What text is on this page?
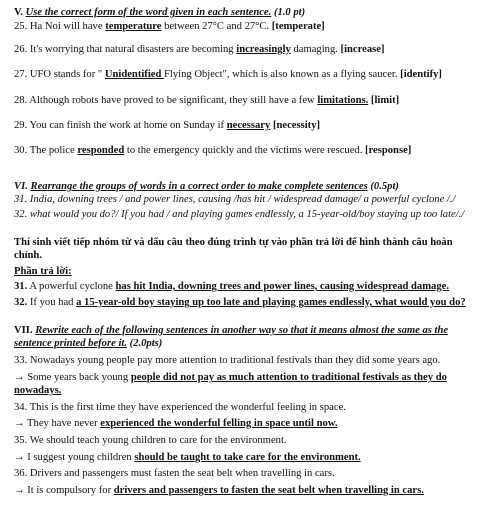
V. Use the correct form of the word given in each sentence. (1.0 pt)
25. Ha Noi will have temperature between 27°C and 27°C. [temperate]
26. It's worrying that natural disasters are becoming increasingly damaging. [increase]
27. UFO stands for " Unidentified Flying Object", which is also known as a flying saucer. [identify]
28. Although robots have proved to be significant, they still have a few limitations. [limit]
29. You can finish the work at home on Sunday if necessary [necessity]
30. The police responded to the emergency quickly and the victims were rescued. [response]
VI. Rearrange the groups of words in a correct order to make complete sentences (0.5pt)
31. India, downing trees / and power lines, causing /has hit / widespread damage/ a powerful cyclone /./
32. what would you do?/ If you had / and playing games endlessly, a 15-year-old/boy staying up too late/./
Thí sinh viết tiếp nhóm từ và dấu câu theo đúng trình tự vào phần trả lời để hình thành câu hoàn chỉnh.
Phần trả lời:
31. A powerful cyclone has hit India, downing trees and power lines, causing widespread damage.
32. If you had a 15-year-old boy staying up too late and playing games endlessly, what would you do?
VII. Rewrite each of the following sentences in another way so that it means almost the same as the sentence printed before it. (2.0pts)
33. Nowadays young people pay more attention to traditional festivals than they did some years ago.
→ Some years back young people did not pay as much attention to traditional festivals as they do nowadays.
34. This is the first time they have experienced the wonderful feeling in space.
→ They have never experienced the wonderful felling in space until now.
35. We should teach young children to care for the environment.
→ I suggest young children should be taught to take care for the environment.
36. Drivers and passengers must fasten the seat belt when travelling in cars.
→ It is compulsory for drivers and passengers to fasten the seat belt when travelling in cars.
